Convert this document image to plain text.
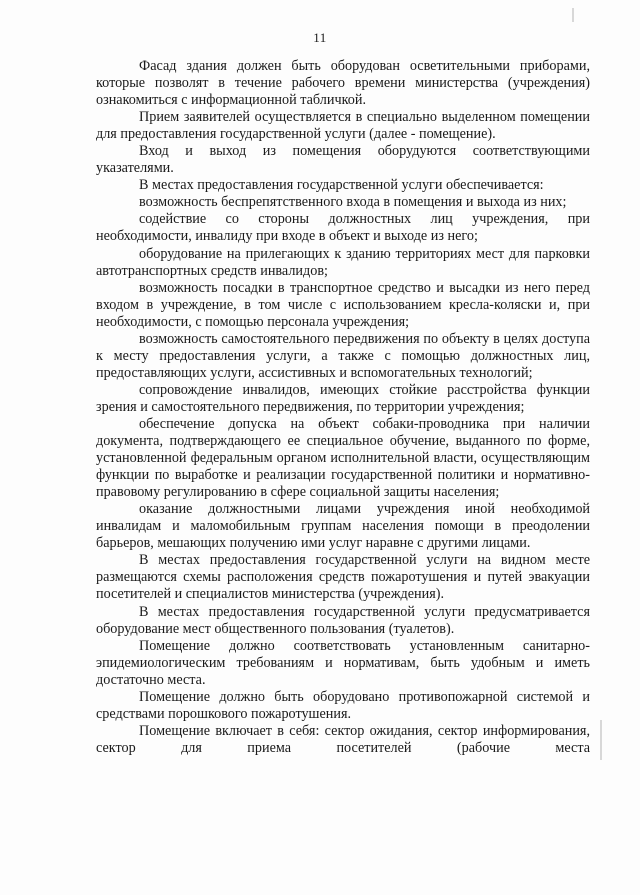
11

Фасад здания должен быть оборудован осветительными приборами, которые позволят в течение рабочего времени министерства (учреждения) ознакомиться с информационной табличкой.

Прием заявителей осуществляется в специально выделенном помещении для предоставления государственной услуги (далее - помещение).

Вход и выход из помещения оборудуются соответствующими указателями.

В местах предоставления государственной услуги обеспечивается:

возможность беспрепятственного входа в помещения и выхода из них;

содействие со стороны должностных лиц учреждения, при необходимости, инвалиду при входе в объект и выходе из него;

оборудование на прилегающих к зданию территориях мест для парковки автотранспортных средств инвалидов;

возможность посадки в транспортное средство и высадки из него перед входом в учреждение, в том числе с использованием кресла-коляски и, при необходимости, с помощью персонала учреждения;

возможность самостоятельного передвижения по объекту в целях доступа к месту предоставления услуги, а также с помощью должностных лиц, предоставляющих услуги, ассистивных и вспомогательных технологий;

сопровождение инвалидов, имеющих стойкие расстройства функции зрения и самостоятельного передвижения, по территории учреждения;

обеспечение допуска на объект собаки-проводника при наличии документа, подтверждающего ее специальное обучение, выданного по форме, установленной федеральным органом исполнительной власти, осуществляющим функции по выработке и реализации государственной политики и нормативно-правовому регулированию в сфере социальной защиты населения;

оказание должностными лицами учреждения иной необходимой инвалидам и маломобильным группам населения помощи в преодолении барьеров, мешающих получению ими услуг наравне с другими лицами.

В местах предоставления государственной услуги на видном месте размещаются схемы расположения средств пожаротушения и путей эвакуации посетителей и специалистов министерства (учреждения).

В местах предоставления государственной услуги предусматривается оборудование мест общественного пользования (туалетов).

Помещение должно соответствовать установленным санитарно-эпидемиологическим требованиям и нормативам, быть удобным и иметь достаточно места.

Помещение должно быть оборудовано противопожарной системой и средствами порошкового пожаротушения.

Помещение включает в себя: сектор ожидания, сектор информирования, сектор для приема посетителей (рабочие места
